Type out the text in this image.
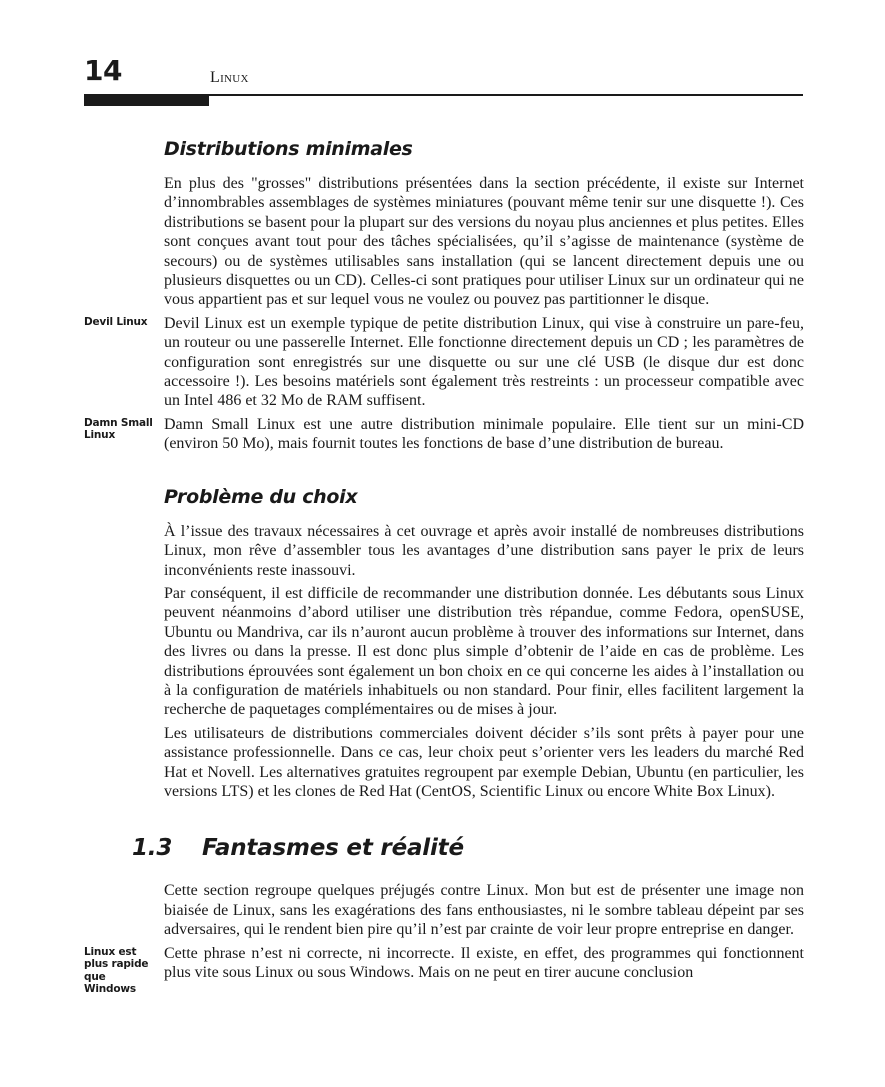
14	Linux
Distributions minimales

En plus des "grosses" distributions présentées dans la section précédente, il existe sur Internet d’innombrables assemblages de systèmes miniatures (pouvant même tenir sur une disquette !). Ces distributions se basent pour la plupart sur des versions du noyau plus anciennes et plus petites. Elles sont conçues avant tout pour des tâches spécialisées, qu’il s’agisse de maintenance (système de secours) ou de systèmes utilisables sans installation (qui se lancent directement depuis une ou plusieurs disquettes ou un CD). Celles-ci sont pratiques pour utiliser Linux sur un ordinateur qui ne vous appartient pas et sur lequel vous ne voulez ou pouvez pas partitionner le disque.

Devil Linux	Devil Linux est un exemple typique de petite distribution Linux, qui vise à construire un pare-feu, un routeur ou une passerelle Internet. Elle fonctionne directement depuis un CD ; les paramètres de configuration sont enregistrés sur une disquette ou sur une clé USB (le disque dur est donc accessoire !). Les besoins matériels sont également très restreints : un processeur compatible avec un Intel 486 et 32 Mo de RAM suffisent.

Damn Small Linux
Damn Small Linux est une autre distribution minimale populaire. Elle tient sur un mini-CD (environ 50 Mo), mais fournit toutes les fonctions de base d’une distribution de bureau.

Problème du choix

À l’issue des travaux nécessaires à cet ouvrage et après avoir installé de nombreuses distributions Linux, mon rêve d’assembler tous les avantages d’une distribution sans payer le prix de leurs inconvénients reste inassouvi.

Par conséquent, il est difficile de recommander une distribution donnée. Les débutants sous Linux peuvent néanmoins d’abord utiliser une distribution très répandue, comme Fedora, openSUSE, Ubuntu ou Mandriva, car ils n’auront aucun problème à trouver des informations sur Internet, dans des livres ou dans la presse. Il est donc plus simple d’obtenir de l’aide en cas de problème. Les distributions éprouvées sont également un bon choix en ce qui concerne les aides à l’installation ou à la configuration de matériels inhabituels ou non standard. Pour finir, elles facilitent largement la recherche de paquetages complémentaires ou de mises à jour.

Les utilisateurs de distributions commerciales doivent décider s’ils sont prêts à payer pour une assistance professionnelle. Dans ce cas, leur choix peut s’orienter vers les leaders du marché Red Hat et Novell. Les alternatives gratuites regroupent par exemple Debian, Ubuntu (en particulier, les versions LTS) et les clones de Red Hat (CentOS, Scientific Linux ou encore White Box Linux).

1.3 Fantasmes et réalité

Cette section regroupe quelques préjugés contre Linux. Mon but est de présenter une image non biaisée de Linux, sans les exagérations des fans enthousiastes, ni le sombre tableau dépeint par ses adversaires, qui le rendent bien pire qu’il n’est par crainte de voir leur propre entreprise en danger.

Linux est plus rapide que Windows
Cette phrase n’est ni correcte, ni incorrecte. Il existe, en effet, des programmes qui fonctionnent plus vite sous Linux ou sous Windows. Mais on ne peut en tirer aucune conclusion
